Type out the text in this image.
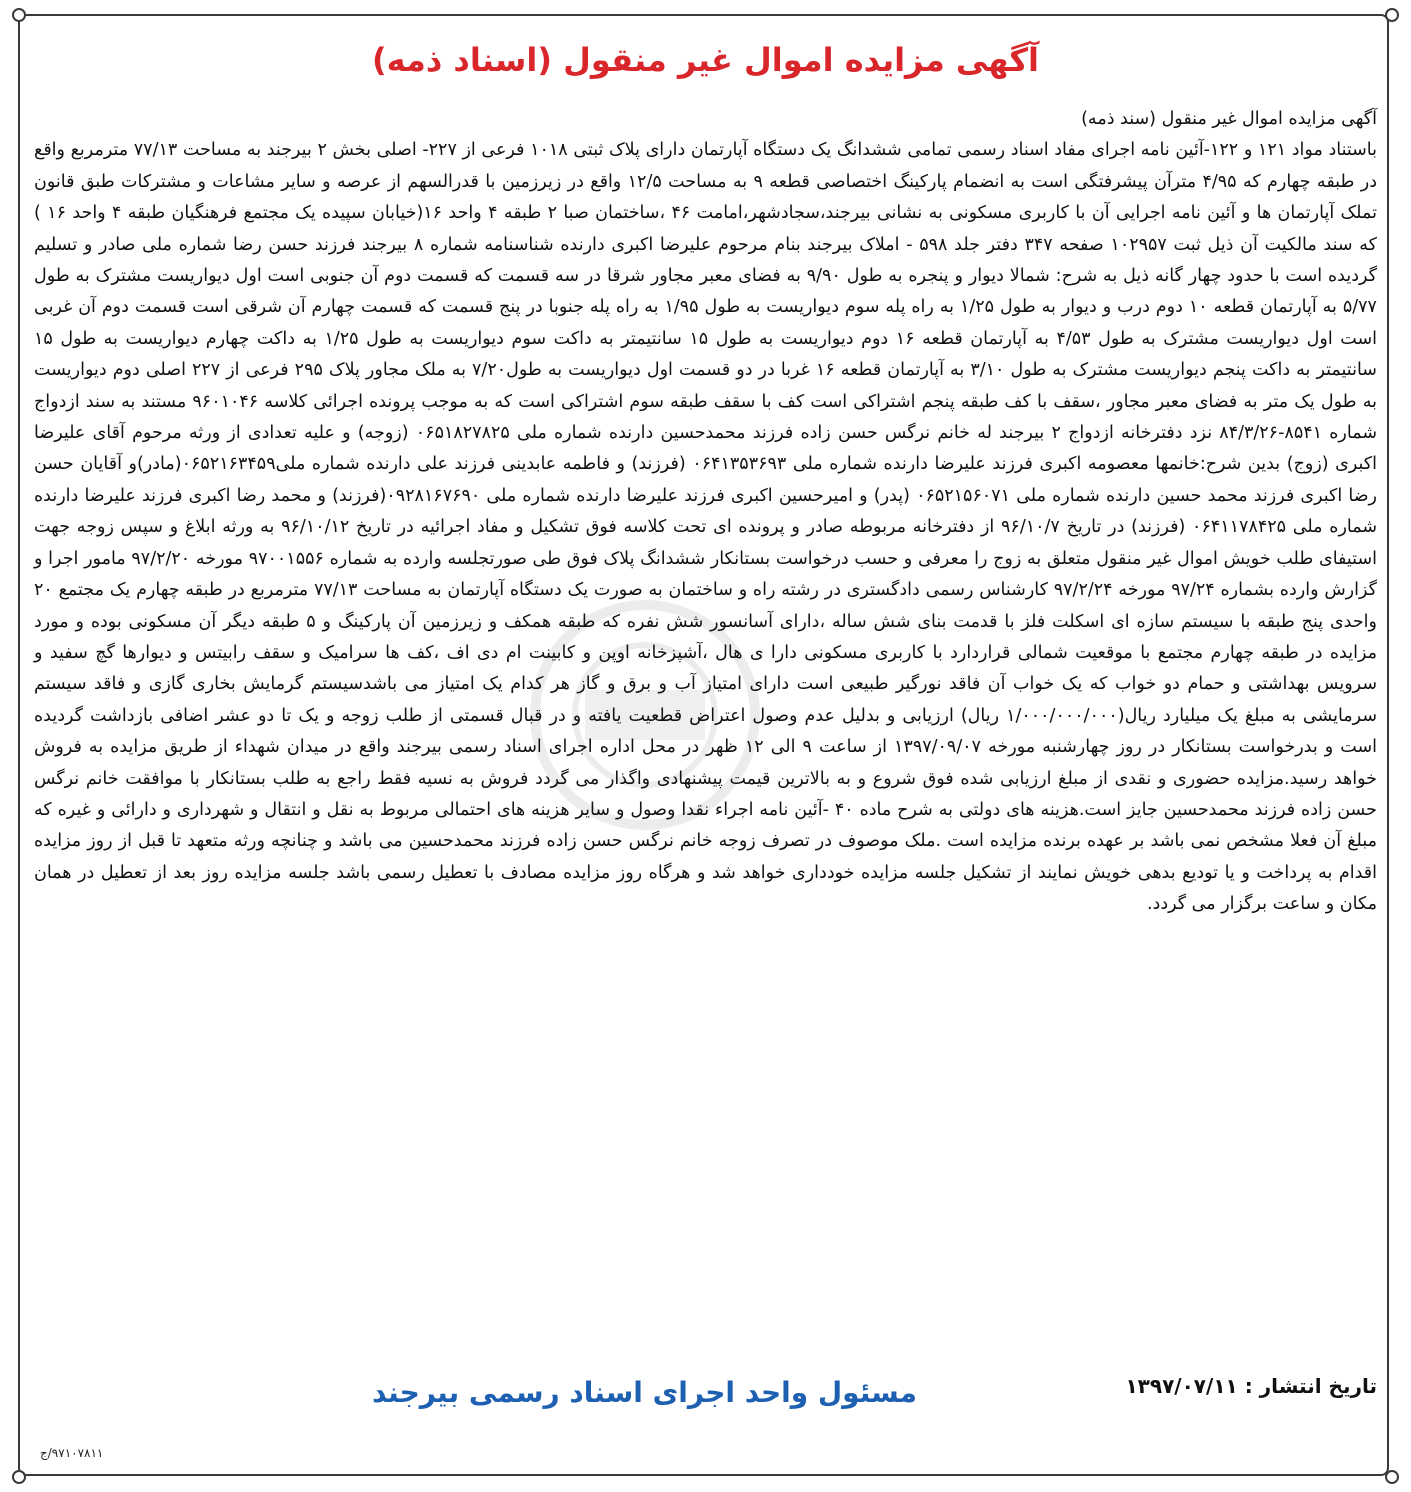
آگهی مزایده اموال غیر منقول (اسناد ذمه)

آگهی مزایده اموال غیر منقول (سند ذمه)

باستناد مواد ۱۲۱ و ۱۲۲-آئین نامه اجرای مفاد اسناد رسمی تمامی ششدانگ یک دستگاه آپارتمان دارای پلاک ثبتی ۱۰۱۸ فرعی از ۲۲۷- اصلی بخش ۲ بیرجند به مساحت ۷۷/۱۳ مترمربع واقع در طبقه چهارم که ۴/۹۵ مترآن پیشرفتگی است به انضمام پارکینگ اختصاصی قطعه ۹ به مساحت ۱۲/۵ واقع در زیرزمین با قدرالسهم از عرصه و سایر مشاعات و مشترکات طبق قانون تملک آپارتمان ها و آئین نامه اجرایی آن با کاربری مسکونی به نشانی بیرجند،سجادشهر،امامت ۴۶ ،ساختمان صبا ۲ طبقه ۴ واحد ۱۶(خیابان سپیده یک مجتمع فرهنگیان طبقه ۴ واحد ۱۶ ) که سند مالکیت آن ذیل ثبت ۱۰۲۹۵۷ صفحه ۳۴۷ دفتر جلد ۵۹۸ - املاک بیرجند بنام مرحوم علیرضا اکبری دارنده شناسنامه شماره ۸ بیرجند فرزند حسن رضا شماره ملی صادر و تسلیم گردیده است با حدود چهار گانه ذیل به شرح: شمالا دیوار و پنجره به طول ۹/۹۰ به فضای معبر مجاور شرقا در سه قسمت که قسمت دوم آن جنوبی است اول دیواریست مشترک به طول ۵/۷۷ به آپارتمان قطعه ۱۰ دوم درب و دیوار به طول ۱/۲۵ به راه پله سوم دیواریست به طول ۱/۹۵ به راه پله جنوبا در پنج قسمت که قسمت چهارم آن شرقی است قسمت دوم آن غربی است اول دیواریست مشترک به طول ۴/۵۳ به آپارتمان قطعه ۱۶ دوم دیواریست به طول ۱۵ سانتیمتر به داکت سوم دیواریست به طول ۱/۲۵ به داکت چهارم دیواریست به طول ۱۵ سانتیمتر به داکت پنجم دیواریست مشترک به طول ۳/۱۰ به آپارتمان قطعه ۱۶ غربا در دو قسمت اول دیواریست به طول۷/۲۰ به ملک مجاور پلاک ۲۹۵ فرعی از ۲۲۷ اصلی دوم دیواریست به طول یک متر به فضای معبر مجاور ،سقف با کف طبقه پنجم اشتراکی است کف با سقف طبقه سوم اشتراکی است که به موجب پرونده اجرائی کلاسه ۹۶۰۱۰۴۶ مستند به سند ازدواج شماره ۸۵۴۱-۸۴/۳/۲۶ نزد دفترخانه ازدواج ۲ بیرجند له خانم نرگس حسن زاده فرزند محمدحسین دارنده شماره ملی ۰۶۵۱۸۲۷۸۲۵ (زوجه) و علیه تعدادی از ورثه مرحوم آقای علیرضا اکبری (زوج) بدین شرح:خانمها معصومه اکبری فرزند علیرضا دارنده شماره ملی ۰۶۴۱۳۵۳۶۹۳ (فرزند) و فاطمه عابدینی فرزند علی دارنده شماره ملی۰۶۵۲۱۶۳۴۵۹(مادر)و آقایان حسن رضا اکبری فرزند محمد حسین دارنده شماره ملی ۰۶۵۲۱۵۶۰۷۱ (پدر) و امیرحسین اکبری فرزند علیرضا دارنده شماره ملی ۰۹۲۸۱۶۷۶۹۰(فرزند) و محمد رضا اکبری فرزند علیرضا دارنده شماره ملی ۰۶۴۱۱۷۸۴۲۵ (فرزند) در تاریخ ۹۶/۱۰/۷ از دفترخانه مربوطه صادر و پرونده ای تحت کلاسه فوق تشکیل و مفاد اجرائیه در تاریخ ۹۶/۱۰/۱۲ به ورثه ابلاغ و سپس زوجه جهت استیفای طلب خویش اموال غیر منقول متعلق به زوج را معرفی و حسب درخواست بستانکار ششدانگ پلاک فوق طی صورتجلسه وارده به شماره ۹۷۰۰۱۵۵۶ مورخه ۹۷/۲/۲۰ مامور اجرا و گزارش وارده بشماره ۹۷/۲۴ مورخه ۹۷/۲/۲۴ کارشناس رسمی دادگستری در رشته راه و ساختمان به صورت یک دستگاه آپارتمان به مساحت ۷۷/۱۳ مترمربع در طبقه چهارم یک مجتمع ۲۰ واحدی پنج طبقه با سیستم سازه ای اسکلت فلز با قدمت بنای شش ساله ،دارای آسانسور شش نفره که طبقه همکف و زیرزمین آن پارکینگ و ۵ طبقه دیگر آن مسکونی بوده و مورد مزایده در طبقه چهارم مجتمع با موقعیت شمالی قراردارد با کاربری مسکونی دارا ی هال ،آشپزخانه اوپن و کابینت ام دی اف ،کف ها سرامیک و سقف رابیتس و دیوارها گچ سفید و سرویس بهداشتی و حمام دو خواب که یک خواب آن فاقد نورگیر طبیعی است دارای امتیاز آب و برق و گاز هر کدام یک امتیاز می باشدسیستم گرمایش بخاری گازی و فاقد سیستم سرمایشی به مبلغ یک میلیارد ریال(۱/۰۰۰/۰۰۰/۰۰۰ ریال) ارزیابی و بدلیل عدم وصول اعتراض قطعیت یافته و در قبال قسمتی از طلب زوجه و یک تا دو عشر اضافی بازداشت گردیده است و بدرخواست بستانکار در روز چهارشنبه مورخه ۱۳۹۷/۰۹/۰۷ از ساعت ۹ الی ۱۲ ظهر در محل اداره اجرای اسناد رسمی بیرجند واقع در میدان شهداء از طریق مزایده به فروش خواهد رسید.مزایده حضوری و نقدی از مبلغ ارزیابی شده فوق شروع و به بالاترین قیمت پیشنهادی واگذار می گردد فروش به نسیه فقط راجع به طلب بستانکار با موافقت خانم نرگس حسن زاده فرزند محمدحسین جایز است.هزینه های دولتی به شرح ماده ۴۰ -آئین نامه اجراء نقدا وصول و سایر هزینه های احتمالی مربوط به نقل و انتقال و شهرداری و دارائی و غیره که مبلغ آن فعلا مشخص نمی باشد بر عهده برنده مزایده است .ملک موصوف در تصرف زوجه خانم نرگس حسن زاده فرزند محمدحسین می باشد و چنانچه ورثه متعهد تا قبل از روز مزایده اقدام به پرداخت و یا تودیع بدهی خویش نمایند از تشکیل جلسه مزایده خودداری خواهد شد و هرگاه روز مزایده مصادف با تعطیل رسمی باشد جلسه مزایده روز بعد از تعطیل در همان مکان و ساعت برگزار می گردد.

تاریخ انتشار : ۱۳۹۷/۰۷/۱۱
مسئول واحد اجرای اسناد رسمی بیرجند
۹۷۱۰۷۸۱۱/ج
